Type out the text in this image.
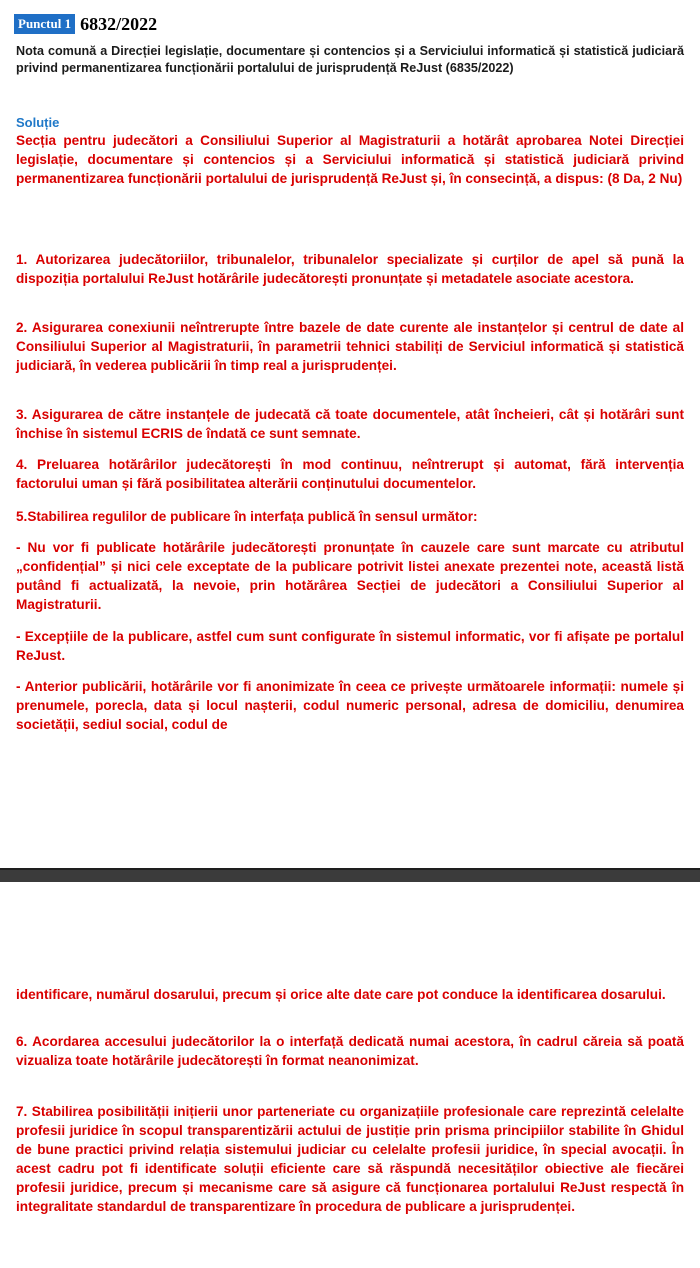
Punctul 1 6832/2022

Nota comună a Direcției legislație, documentare și contencios și a Serviciului informatică și statistică judiciară privind permanentizarea funcționării portalului de jurisprudență ReJust (6835/2022)

Soluție

Secția pentru judecători a Consiliului Superior al Magistraturii a hotărât aprobarea Notei Direcției legislație, documentare și contencios și a Serviciului informatică și statistică judiciară privind permanentizarea funcționării portalului de jurisprudență ReJust și, în consecință, a dispus: (8 Da, 2 Nu)

1. Autorizarea judecătoriilor, tribunalelor, tribunalelor specializate și curților de apel să pună la dispoziția portalului ReJust hotărârile judecătorești pronunțate și metadatele asociate acestora.

2. Asigurarea conexiunii neîntrerupte între bazele de date curente ale instanțelor și centrul de date al Consiliului Superior al Magistraturii, în parametrii tehnici stabiliți de Serviciul informatică și statistică judiciară, în vederea publicării în timp real a jurisprudenței.

3. Asigurarea de către instanțele de judecată că toate documentele, atât încheieri, cât și hotărâri sunt închise în sistemul ECRIS de îndată ce sunt semnate.

4. Preluarea hotărârilor judecătorești în mod continuu, neîntrerupt și automat, fără intervenția factorului uman și fără posibilitatea alterării conținutului documentelor.

5.Stabilirea regulilor de publicare în interfața publică în sensul următor:

- Nu vor fi publicate hotărârile judecătorești pronunțate în cauzele care sunt marcate cu atributul „confidențial” și nici cele exceptate de la publicare potrivit listei anexate prezentei note, această listă putând fi actualizată, la nevoie, prin hotărârea Secției de judecători a Consiliului Superior al Magistraturii.

- Excepțiile de la publicare, astfel cum sunt configurate în sistemul informatic, vor fi afișate pe portalul ReJust.

- Anterior publicării, hotărârile vor fi anonimizate în ceea ce privește următoarele informații: numele și prenumele, porecla, data și locul nașterii, codul numeric personal, adresa de domiciliu, denumirea societății, sediul social, codul de

identificare, numărul dosarului, precum și orice alte date care pot conduce la identificarea dosarului.

6. Acordarea accesului judecătorilor la o interfață dedicată numai acestora, în cadrul căreia să poată vizualiza toate hotărârile judecătorești în format neanonimizat.

7. Stabilirea posibilității inițierii unor parteneriate cu organizațiile profesionale care reprezintă celelalte profesii juridice în scopul transparentizării actului de justiție prin prisma principiilor stabilite în Ghidul de bune practici privind relația sistemului judiciar cu celelalte profesii juridice, în special avocații. În acest cadru pot fi identificate soluții eficiente care să răspundă necesităților obiective ale fiecărei profesii juridice, precum și mecanisme care să asigure că funcționarea portalului ReJust respectă în integralitate standardul de transparentizare în procedura de publicare a jurisprudenței.
